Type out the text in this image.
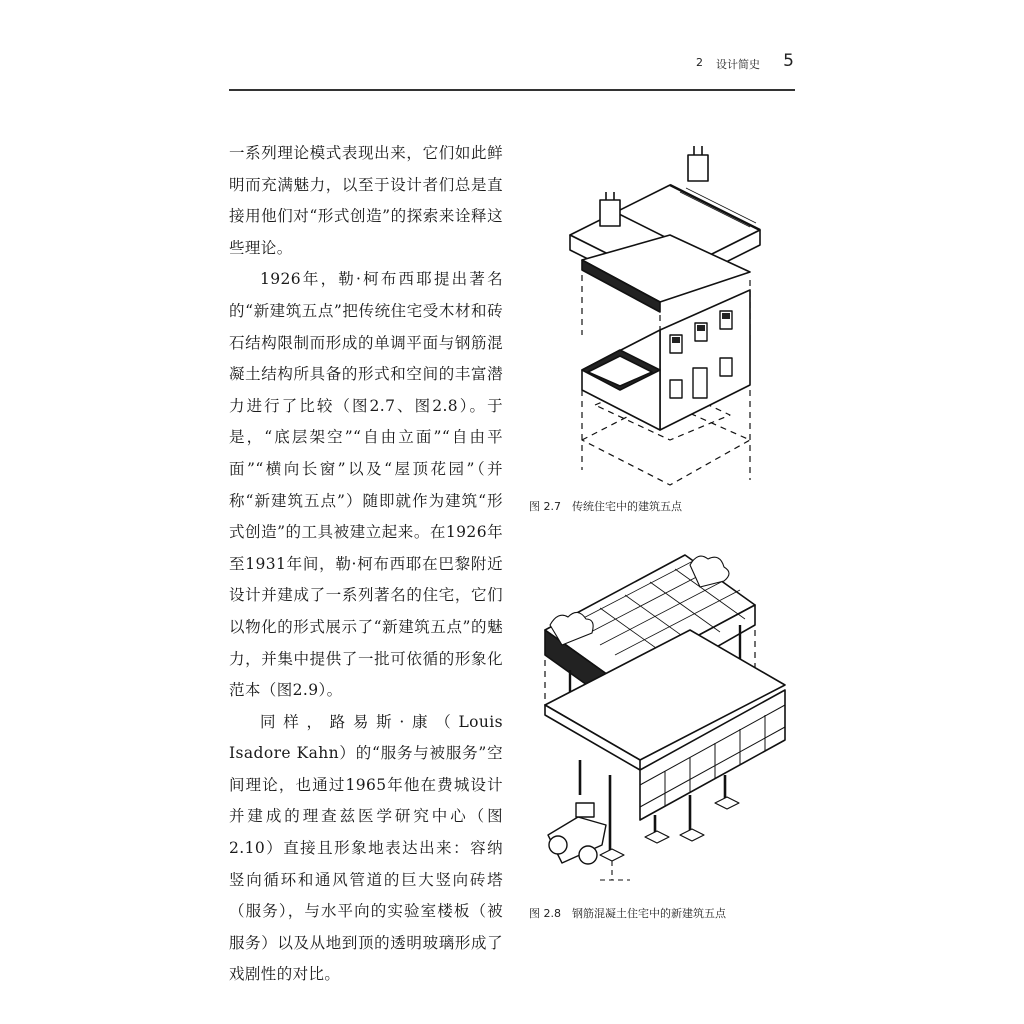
2 设计简史 5

一系列理论模式表现出来，它们如此鲜明而充满魅力，以至于设计者们总是直接用他们对“形式创造”的探索来诠释这些理论。

1926年，勒·柯布西耶提出著名的“新建筑五点”把传统住宅受木材和砖石结构限制而形成的单调平面与钢筋混凝土结构所具备的形式和空间的丰富潜力进行了比较（图2.7、图2.8）。于是，“底层架空”“自由立面”“自由平面”“横向长窗”以及“屋顶花园”（并称“新建筑五点”）随即就作为建筑“形式创造”的工具被建立起来。在1926年至1931年间，勒·柯布西耶在巴黎附近设计并建成了一系列著名的住宅，它们以物化的形式展示了“新建筑五点”的魅力，并集中提供了一批可依循的形象化范本（图2.9）。

同样，路易斯·康（Louis Isadore Kahn）的“服务与被服务”空间理论，也通过1965年他在费城设计并建成的理查兹医学研究中心（图2.10）直接且形象地表达出来：容纳竖向循环和通风管道的巨大竖向砖塔（服务），与水平向的实验室楼板（被服务）以及从地到顶的透明玻璃形成了戏剧性的对比。

图 2.7　传统住宅中的建筑五点
图 2.8　钢筋混凝土住宅中的新建筑五点
